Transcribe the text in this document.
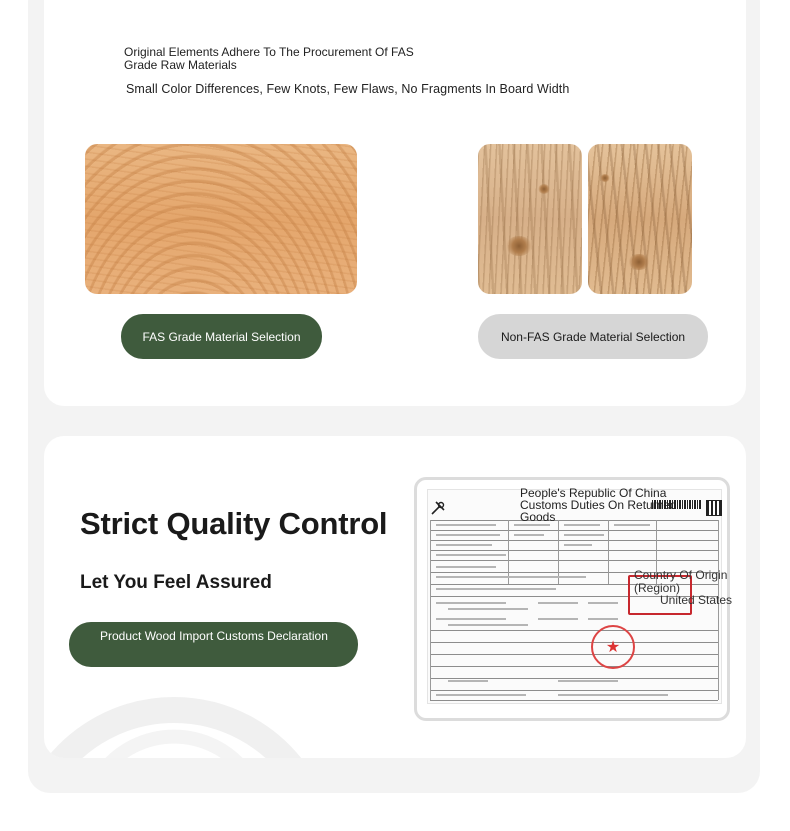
Original Elements Adhere To The Procurement Of FAS Grade Raw Materials
Small Color Differences, Few Knots, Few Flaws, No Fragments In Board Width
FAS Grade Material Selection	Non-FAS Grade Material Selection
Strict Quality Control
Let You Feel Assured
Product Wood Import Customs Declaration
People's Republic Of China Customs Duties On Returned Goods
Country Of Origin (Region)
United States
★
